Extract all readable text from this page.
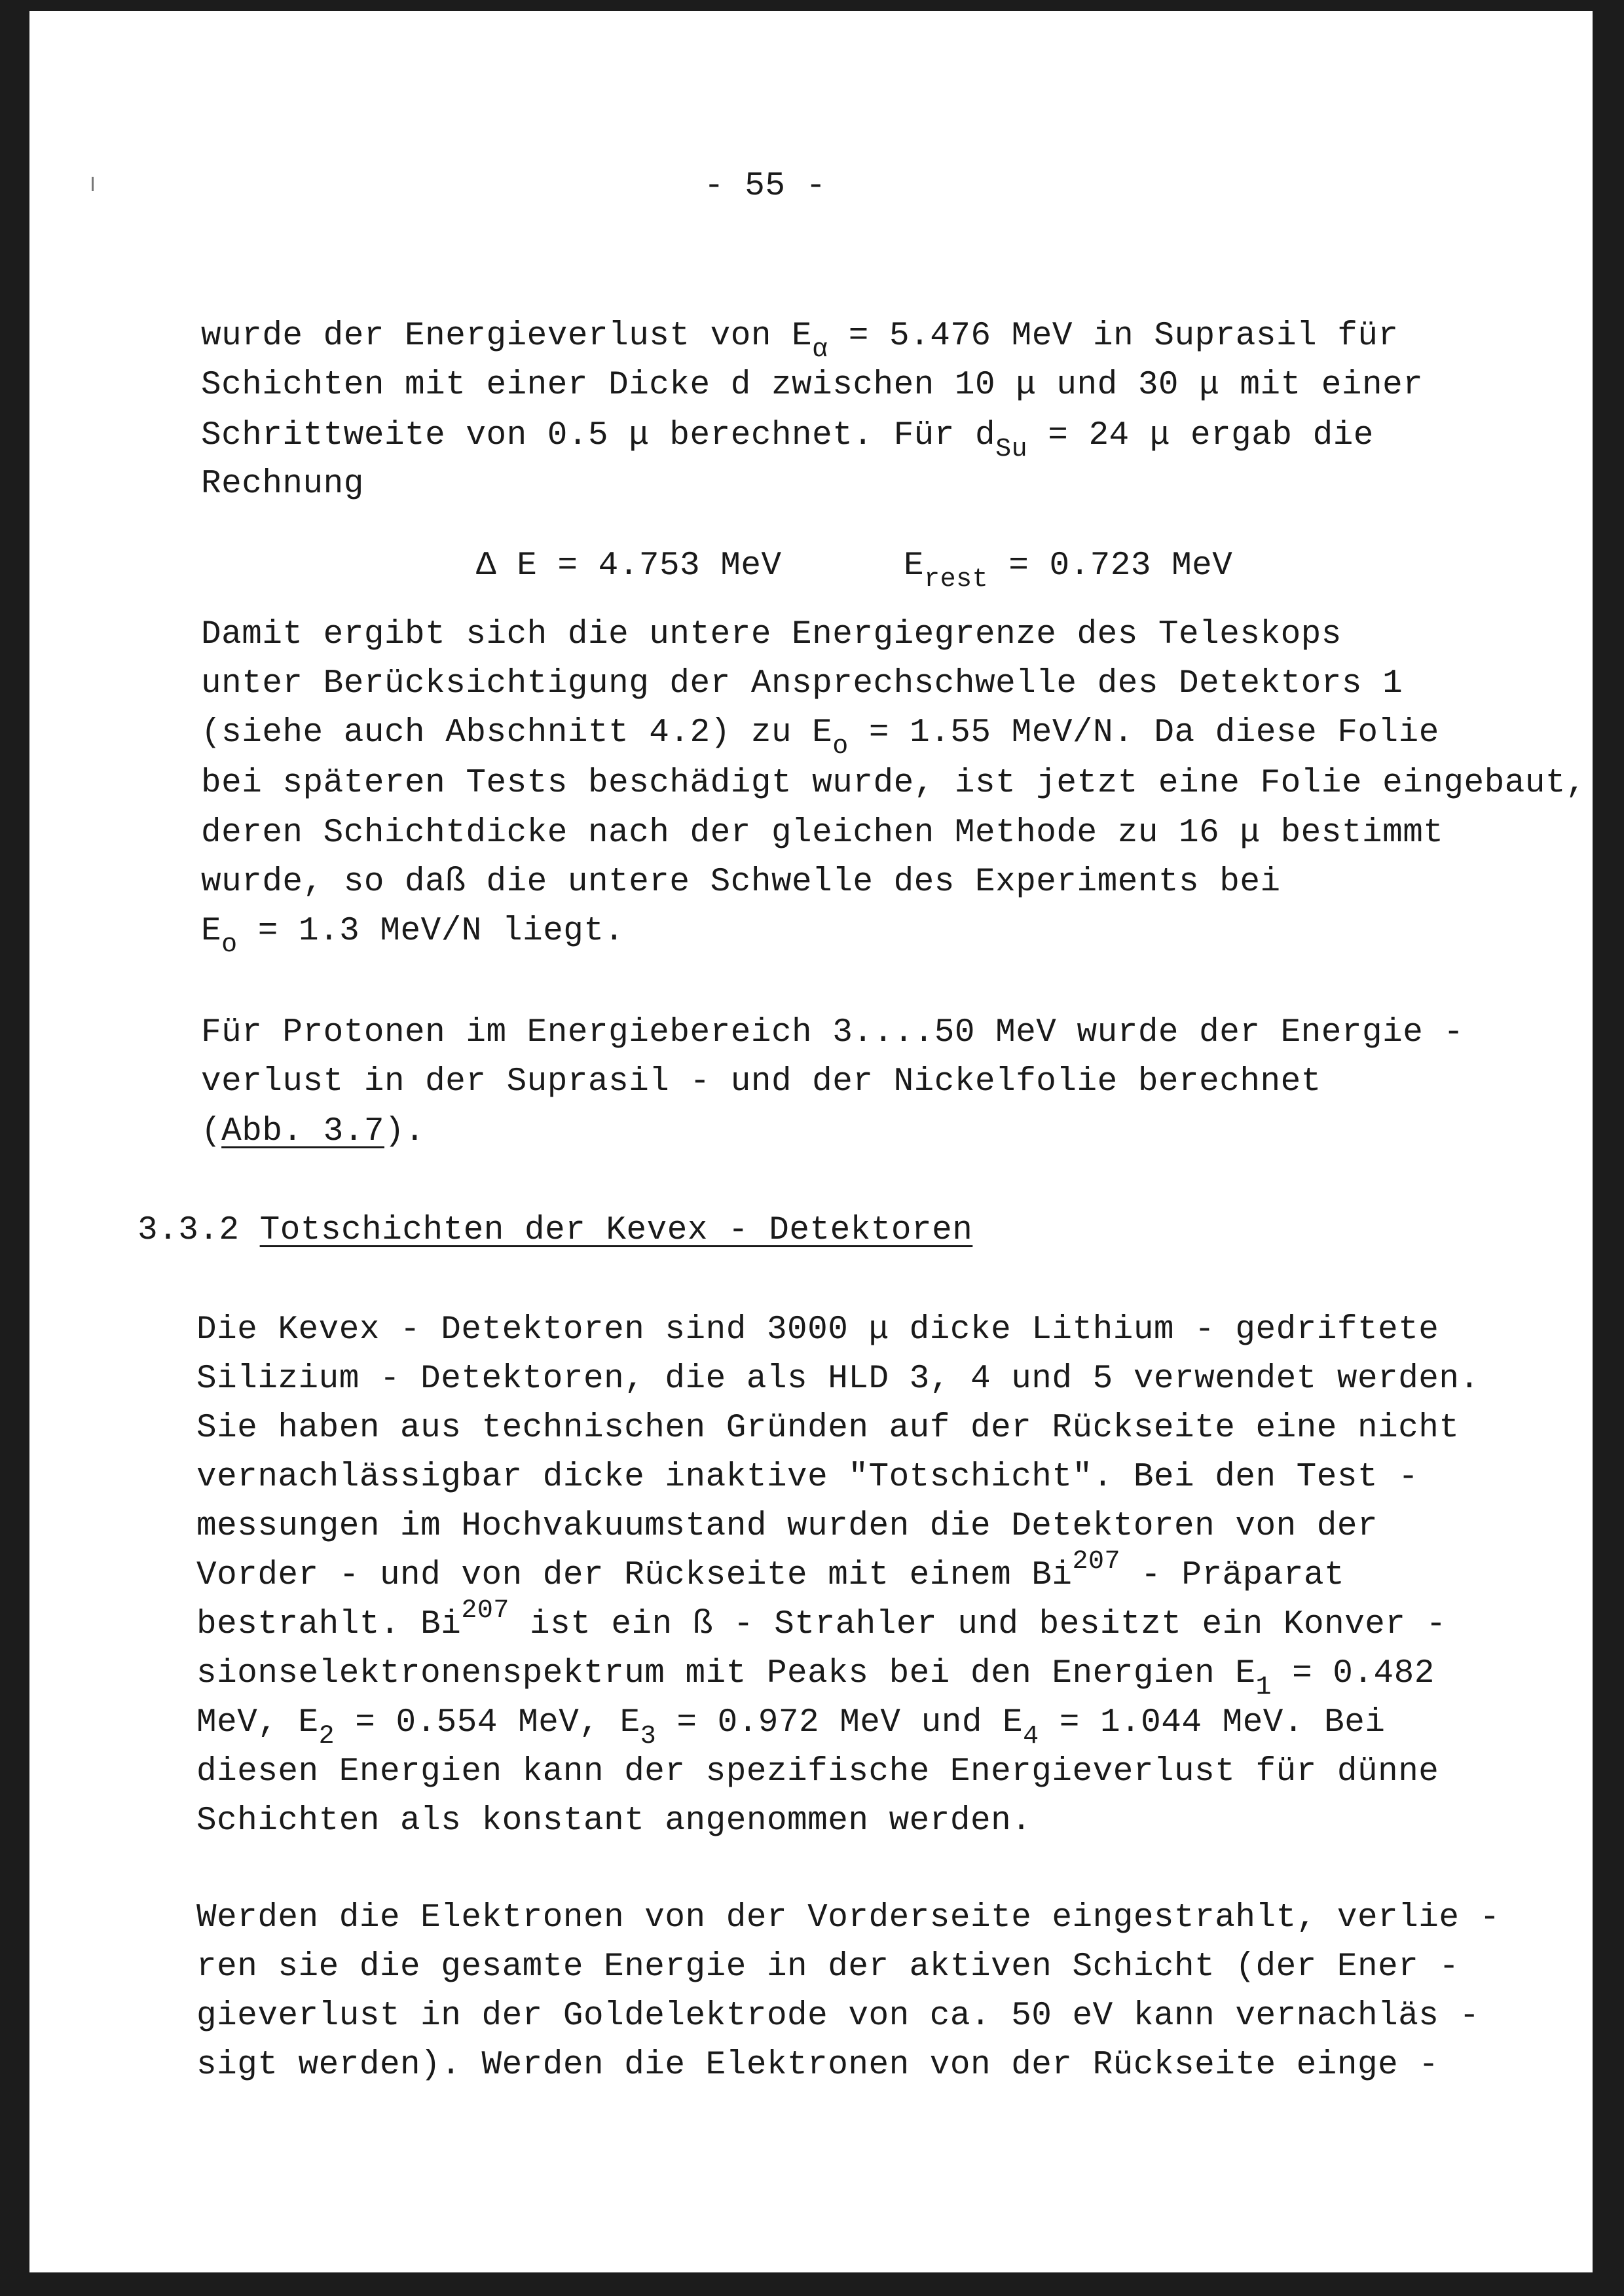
- 55 -
wurde der Energieverlust von $E_\alpha = 5.476$ MeV in Suprasil für
Schichten mit einer Dicke d zwischen 10 μ und 30 μ mit einer
Schrittweite von 0.5 μ berechnet. Für $d_{Su} = 24$ μ ergab die
Rechnung
Δ E = 4.753 MeV	$E_{rest} = 0.723$ MeV
Damit ergibt sich die untere Energiegrenze des Teleskops
unter Berücksichtigung der Ansprechschwelle des Detektors 1
(siehe auch Abschnitt 4.2) zu $E_o = 1.55$ MeV/N. Da diese Folie
bei späteren Tests beschädigt wurde, ist jetzt eine Folie eingebaut,
deren Schichtdicke nach der gleichen Methode zu 16 μ bestimmt
wurde, so daß die untere Schwelle des Experiments bei
$E_o = 1.3$ MeV/N liegt.
Für Protonen im Energiebereich 3....50 MeV wurde der Energie -
verlust in der Suprasil - und der Nickelfolie berechnet
(Abb. 3.7).
3.3.2 Totschichten der Kevex - Detektoren
Die Kevex - Detektoren sind 3000 μ dicke Lithium - gedriftete
Silizium - Detektoren, die als HLD 3, 4 und 5 verwendet werden.
Sie haben aus technischen Gründen auf der Rückseite eine nicht
vernachlässigbar dicke inaktive "Totschicht". Bei den Test -
messungen im Hochvakuumstand wurden die Detektoren von der
Vorder - und von der Rückseite mit einem Bi$^{207}$ - Präparat
bestrahlt. Bi$^{207}$ ist ein ß - Strahler und besitzt ein Konver -
sionselektronenspektrum mit Peaks bei den Energien $E_1 = 0.482$
MeV, $E_2 = 0.554$ MeV, $E_3 = 0.972$ MeV und $E_4 = 1.044$ MeV. Bei
diesen Energien kann der spezifische Energieverlust für dünne
Schichten als konstant angenommen werden.
Werden die Elektronen von der Vorderseite eingestrahlt, verlie -
ren sie die gesamte Energie in der aktiven Schicht (der Ener -
gieverlust in der Goldelektrode von ca. 50 eV kann vernachläs -
sigt werden). Werden die Elektronen von der Rückseite einge -
